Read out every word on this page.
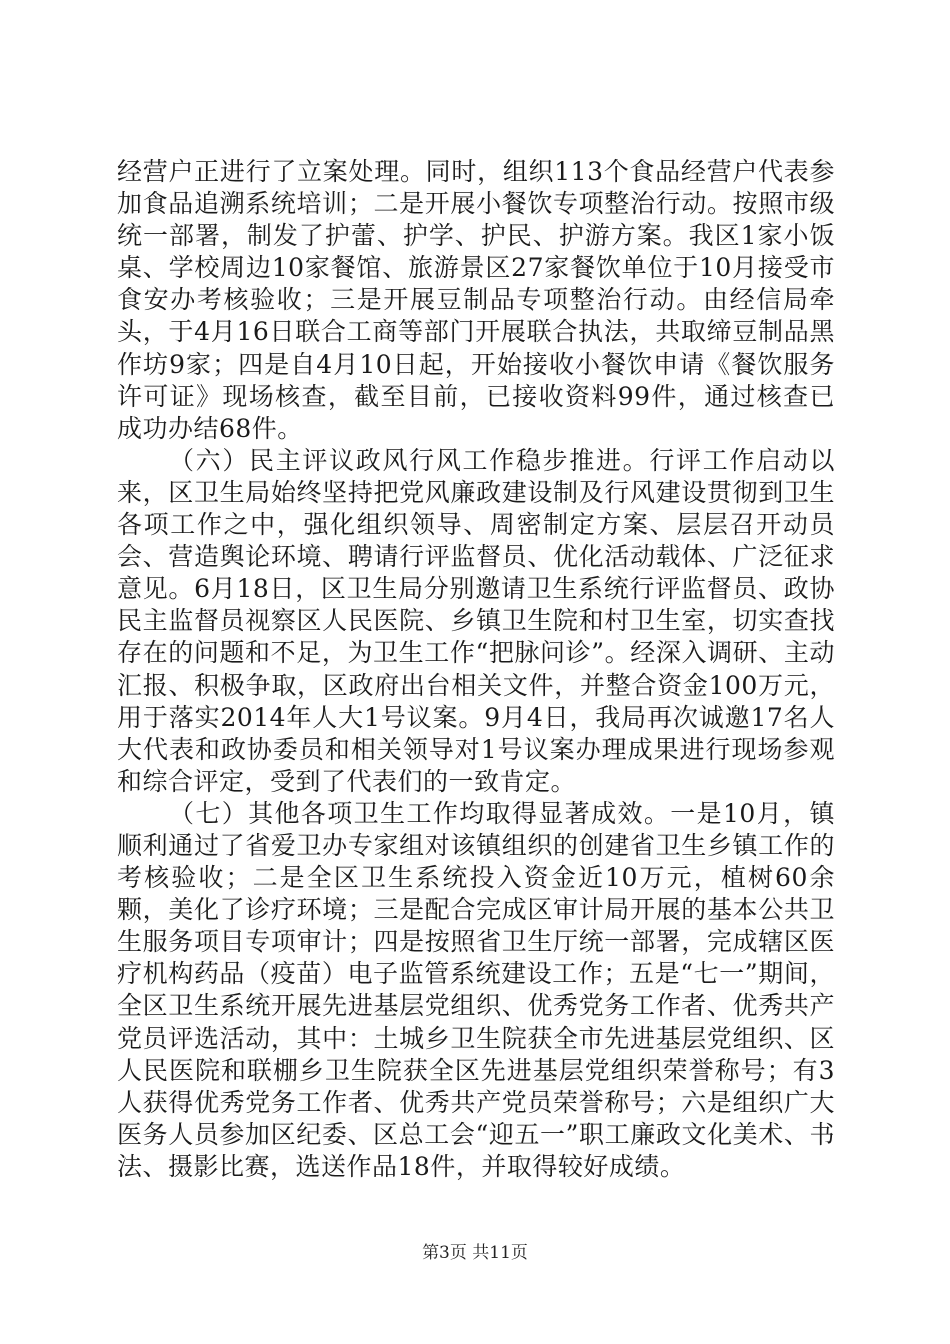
经营户正进行了立案处理。同时，组织113个食品经营户代表参加食品追溯系统培训；二是开展小餐饮专项整治行动。按照市级统一部署，制发了护蕾、护学、护民、护游方案。我区1家小饭桌、学校周边10家餐馆、旅游景区27家餐饮单位于10月接受市食安办考核验收；三是开展豆制品专项整治行动。由经信局牵头，于4月16日联合工商等部门开展联合执法，共取缔豆制品黑作坊9家；四是自4月10日起，开始接收小餐饮申请《餐饮服务许可证》现场核查，截至目前，已接收资料99件，通过核查已成功办结68件。

（六）民主评议政风行风工作稳步推进。行评工作启动以来，区卫生局始终坚持把党风廉政建设制及行风建设贯彻到卫生各项工作之中，强化组织领导、周密制定方案、层层召开动员会、营造舆论环境、聘请行评监督员、优化活动载体、广泛征求意见。6月18日，区卫生局分别邀请卫生系统行评监督员、政协民主监督员视察区人民医院、乡镇卫生院和村卫生室，切实查找存在的问题和不足，为卫生工作“把脉问诊”。经深入调研、主动汇报、积极争取，区政府出台相关文件，并整合资金100万元，用于落实2014年人大1号议案。9月4日，我局再次诚邀17名人大代表和政协委员和相关领导对1号议案办理成果进行现场参观和综合评定，受到了代表们的一致肯定。

（七）其他各项卫生工作均取得显著成效。一是10月，镇顺利通过了省爱卫办专家组对该镇组织的创建省卫生乡镇工作的考核验收；二是全区卫生系统投入资金近10万元，植树60余颗，美化了诊疗环境；三是配合完成区审计局开展的基本公共卫生服务项目专项审计；四是按照省卫生厅统一部署，完成辖区医疗机构药品（疫苗）电子监管系统建设工作；五是“七一”期间，全区卫生系统开展先进基层党组织、优秀党务工作者、优秀共产党员评选活动，其中：土城乡卫生院获全市先进基层党组织、区人民医院和联棚乡卫生院获全区先进基层党组织荣誉称号；有3人获得优秀党务工作者、优秀共产党员荣誉称号；六是组织广大医务人员参加区纪委、区总工会“迎五一”职工廉政文化美术、书法、摄影比赛，选送作品18件，并取得较好成绩。

第3页 共11页
